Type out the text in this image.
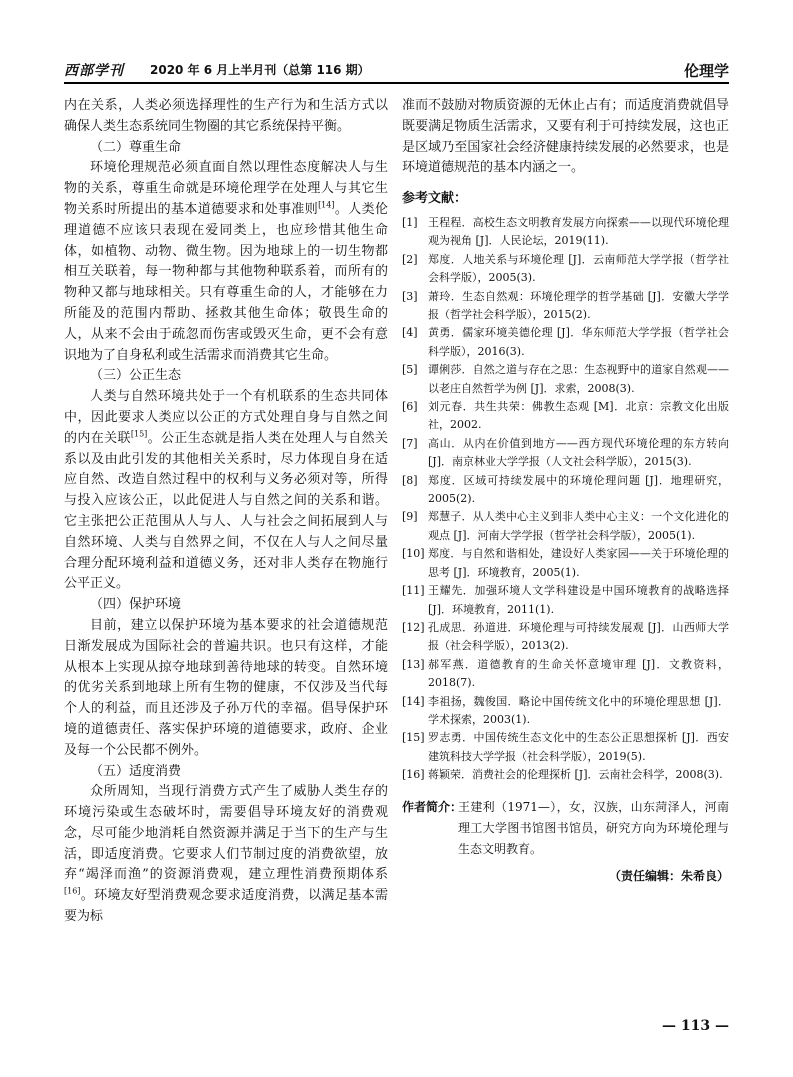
西部学刊 2020 年 6 月上半月刊（总第 116 期）	伦理学

内在关系，人类必须选择理性的生产行为和生活方式以确保人类生态系统同生物圈的其它系统保持平衡。

（二）尊重生命

环境伦理规范必须直面自然以理性态度解决人与生物的关系，尊重生命就是环境伦理学在处理人与其它生物关系时所提出的基本道德要求和处事准则[14]。人类伦理道德不应该只表现在爱同类上，也应珍惜其他生命体，如植物、动物、微生物。因为地球上的一切生物都相互关联着，每一物种都与其他物种联系着，而所有的物种又都与地球相关。只有尊重生命的人，才能够在力所能及的范围内帮助、拯救其他生命体；敬畏生命的人，从来不会由于疏忽而伤害或毁灭生命，更不会有意识地为了自身私利或生活需求而消费其它生命。

（三）公正生态

人类与自然环境共处于一个有机联系的生态共同体中，因此要求人类应以公正的方式处理自身与自然之间的内在关联[15]。公正生态就是指人类在处理人与自然关系以及由此引发的其他相关关系时，尽力体现自身在适应自然、改造自然过程中的权利与义务必须对等，所得与投入应该公正，以此促进人与自然之间的关系和谐。它主张把公正范围从人与人、人与社会之间拓展到人与自然环境、人类与自然界之间，不仅在人与人之间尽量合理分配环境利益和道德义务，还对非人类存在物施行公平正义。

（四）保护环境

目前，建立以保护环境为基本要求的社会道德规范日渐发展成为国际社会的普遍共识。也只有这样，才能从根本上实现从掠夺地球到善待地球的转变。自然环境的优劣关系到地球上所有生物的健康，不仅涉及当代每个人的利益，而且还涉及子孙万代的幸福。倡导保护环境的道德责任、落实保护环境的道德要求，政府、企业及每一个公民都不例外。

（五）适度消费

众所周知，当现行消费方式产生了威胁人类生存的环境污染或生态破坏时，需要倡导环境友好的消费观念，尽可能少地消耗自然资源并满足于当下的生产与生活，即适度消费。它要求人们节制过度的消费欲望，放弃“竭泽而渔”的资源消费观，建立理性消费预期体系[16]。环境友好型消费观念要求适度消费，以满足基本需要为标

准而不鼓励对物质资源的无休止占有；而适度消费就倡导既要满足物质生活需求，又要有利于可持续发展，这也正是区域乃至国家社会经济健康持续发展的必然要求，也是环境道德规范的基本内涵之一。

参考文献：
[1] 王程程．高校生态文明教育发展方向探索——以现代环境伦理观为视角 [J]．人民论坛，2019(11).
[2] 郑度．人地关系与环境伦理 [J]．云南师范大学学报（哲学社会科学版），2005(3).
[3] 萧玲．生态自然观：环境伦理学的哲学基础 [J]．安徽大学学报（哲学社会科学版），2015(2).
[4] 黄勇．儒家环境美德伦理 [J]．华东师范大学学报（哲学社会科学版），2016(3).
[5] 谭俐莎．自然之道与存在之思：生态视野中的道家自然观——以老庄自然哲学为例 [J]．求索，2008(3).
[6] 刘元春．共生共荣：佛教生态观 [M]．北京：宗教文化出版社，2002.
[7] 高山．从内在价值到地方——西方现代环境伦理的东方转向 [J]．南京林业大学学报（人文社会科学版），2015(3).
[8] 郑度．区域可持续发展中的环境伦理问题 [J]．地理研究，2005(2).
[9] 郑慧子．从人类中心主义到非人类中心主义：一个文化进化的观点 [J]．河南大学学报（哲学社会科学版），2005(1).
[10] 郑度．与自然和谐相处，建设好人类家园——关于环境伦理的思考 [J]．环境教育，2005(1).
[11] 王耀先．加强环境人文学科建设是中国环境教育的战略选择 [J]．环境教育，2011(1).
[12] 孔成思．孙道进．环境伦理与可持续发展观 [J]．山西师大学报（社会科学版），2013(2).
[13] 郝军燕．道德教育的生命关怀意境审理 [J]．文教资料，2018(7).
[14] 李祖扬，魏俊国．略论中国传统文化中的环境伦理思想 [J]．学术探索，2003(1).
[15] 罗志勇．中国传统生态文化中的生态公正思想探析 [J]．西安建筑科技大学学报（社会科学版），2019(5).
[16] 蒋颖荣．消费社会的伦理探析 [J]．云南社会科学，2008(3).
作者简介：
王建利（1971—），女，汉族，山东菏泽人，河南理工大学图书馆图书馆员，研究方向为环境伦理与生态文明教育。
（责任编辑：朱希良）
— 113 —
